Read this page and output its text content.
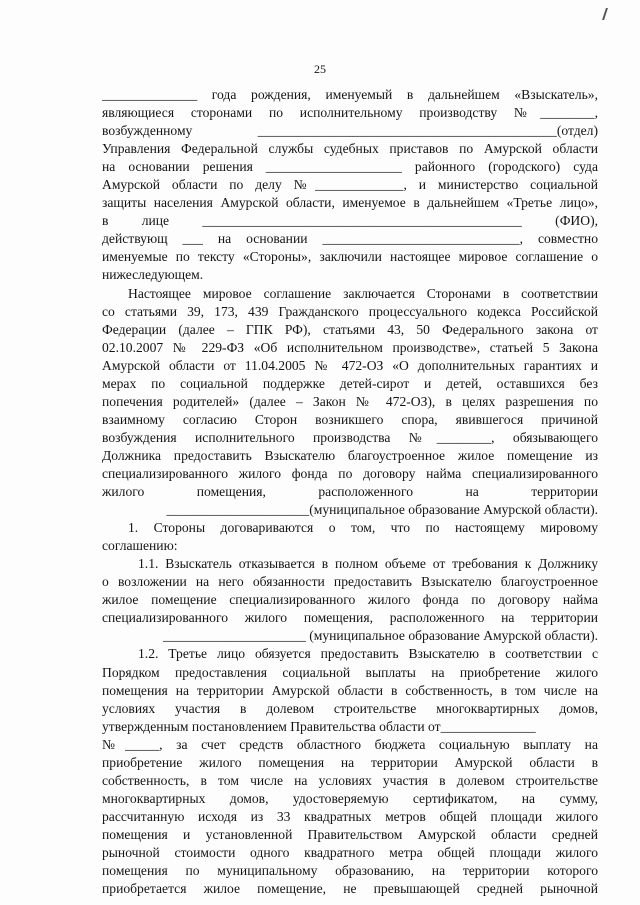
25

______________ года рождения, именуемый в дальнейшем «Взыскатель»,

являющиеся сторонами по исполнительному производству №________,

возбужденному ____________________________________________(отдел)

Управления Федеральной службы судебных приставов по Амурской области

на основании решения ____________________ районного (городского) суда

Амурской области по делу №_____________, и министерство социальной

защиты населения Амурской области, именуемое в дальнейшем «Третье лицо»,

в лице _______________________________________________ (ФИО),

действующ ___ на основании _____________________________, совместно

именуемые по тексту «Стороны», заключили настоящее мировое соглашение о

нижеследующем.

Настоящее мировое соглашение заключается Сторонами в соответствии

со статьями 39, 173, 439 Гражданского процессуального кодекса Российской

Федерации (далее – ГПК РФ), статьями 43, 50 Федерального закона от

02.10.2007 № 229-ФЗ «Об исполнительном производстве», статьей 5 Закона

Амурской области от 11.04.2005 № 472-ОЗ «О дополнительных гарантиях и

мерах по социальной поддержке детей-сирот и детей, оставшихся без

попечения родителей» (далее – Закон № 472-ОЗ), в целях разрешения по

взаимному согласию Сторон возникшего спора, явившегося причиной

возбуждения исполнительного производства №________, обязывающего

Должника предоставить Взыскателю благоустроенное жилое помещение из

специализированного жилого фонда по договору найма специализированного

жилого помещения, расположенного на территории

_____________________(муниципальное образование Амурской области).

1. Стороны договариваются о том, что по настоящему мировому

соглашению:

1.1. Взыскатель отказывается в полном объеме от требования к Должнику

о возложении на него обязанности предоставить Взыскателю благоустроенное

жилое помещение специализированного жилого фонда по договору найма

специализированного жилого помещения, расположенного на территории

_____________________ (муниципальное образование Амурской области).

1.2. Третье лицо обязуется предоставить Взыскателю в соответствии с

Порядком предоставления социальной выплаты на приобретение жилого

помещения на территории Амурской области в собственность, в том числе на

условиях участия в долевом строительстве многоквартирных домов,

утвержденным постановлением Правительства области от______________

№_____, за счет средств областного бюджета социальную выплату на

приобретение жилого помещения на территории Амурской области в

собственность, в том числе на условиях участия в долевом строительстве

многоквартирных домов, удостоверяемую сертификатом, на сумму,

рассчитанную исходя из 33 квадратных метров общей площади жилого

помещения и установленной Правительством Амурской области средней

рыночной стоимости одного квадратного метра общей площади жилого

помещения по муниципальному образованию, на территории которого

приобретается жилое помещение, не превышающей средней рыночной
